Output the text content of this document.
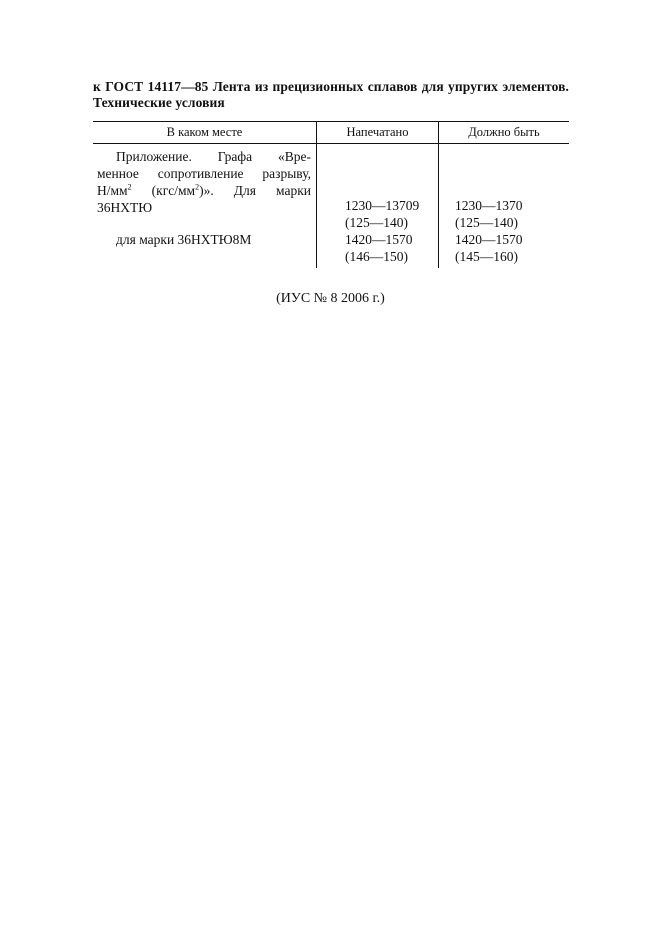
к ГОСТ 14117—85 Лента из прецизионных сплавов для упругих элементов. Технические условия
В каком месте	Напечатано	Должно быть
Приложение. Графа «Вре-
менное сопротивление разрыву,
$Н/мм^2$ $(кгс/мм^2)$». Для марки
36НХТЮ
для марки 36НХТЮ8М
1230—13709
(125—140)
1420—1570
(146—150)
1230—1370
(125—140)
1420—1570
(145—160)
(ИУС № 8 2006 г.)
